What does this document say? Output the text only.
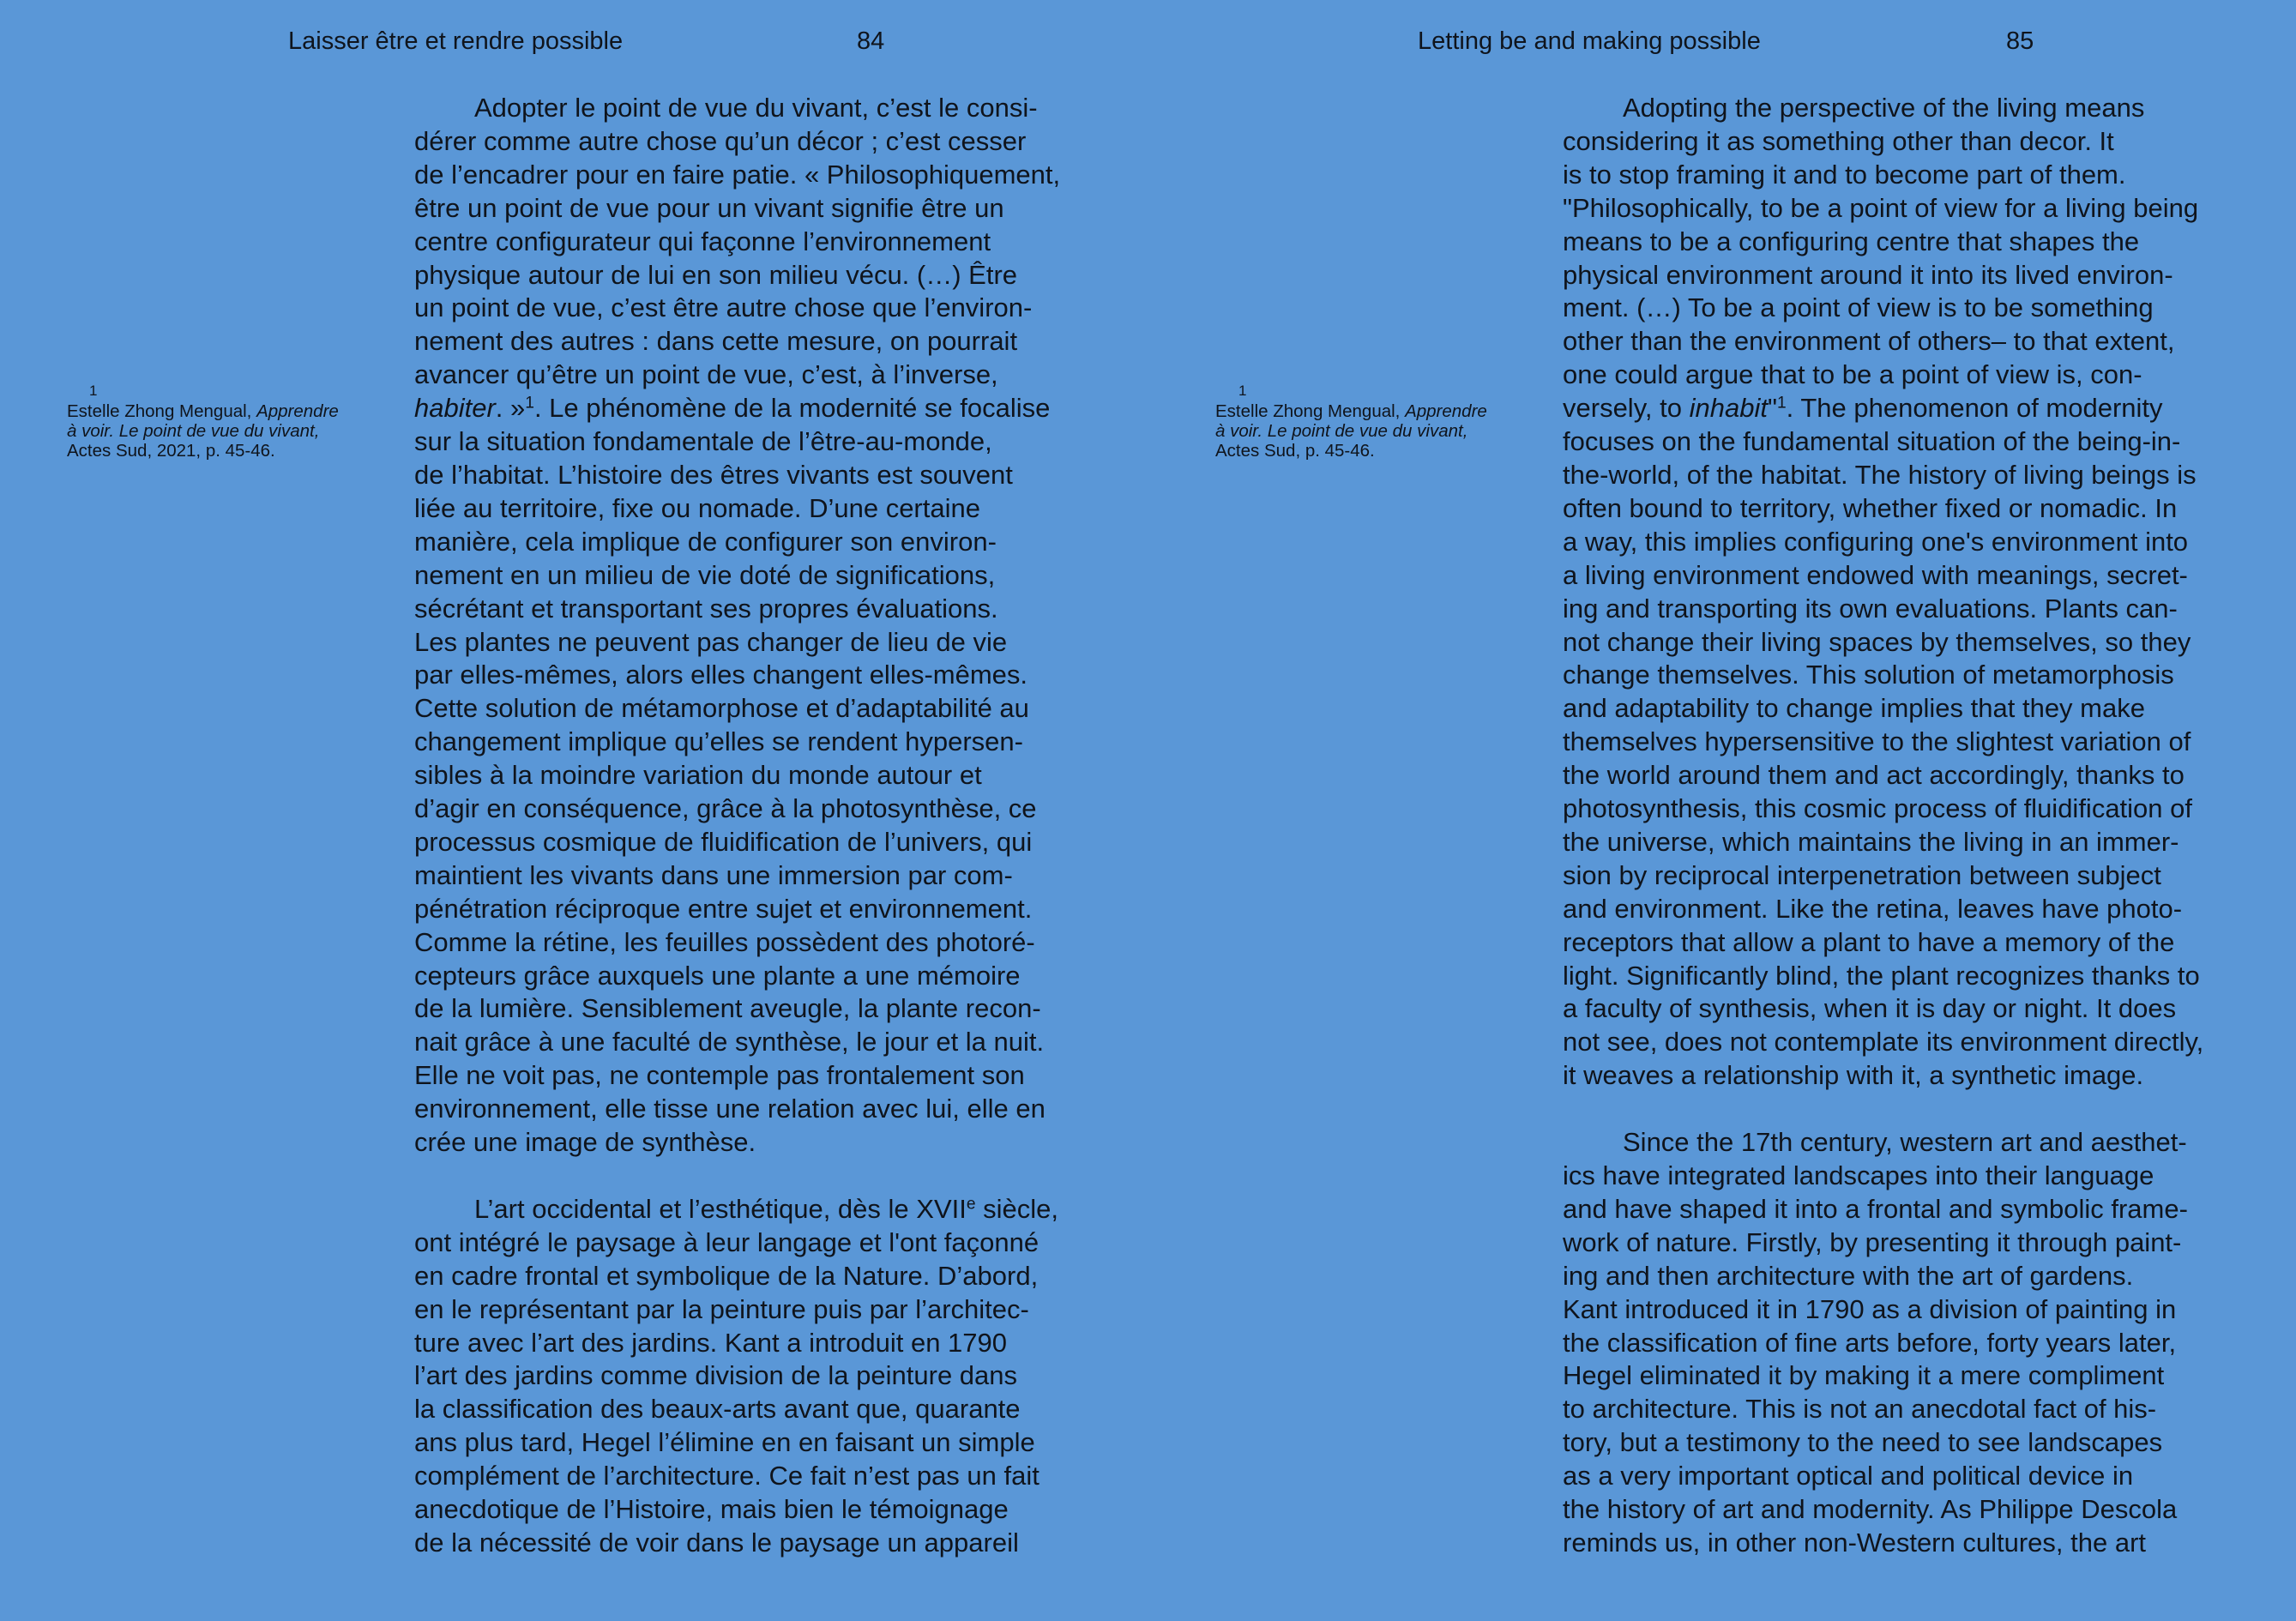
Laisser être et rendre possible	84
1
Estelle Zhong Mengual, Apprendre
à voir. Le point de vue du vivant,
Actes Sud, 2021, p. 45-46.
Adopter le point de vue du vivant, c’est le consi-
dérer comme autre chose qu’un décor ; c’est cesser
de l’encadrer pour en faire patie. « Philosophiquement,
être un point de vue pour un vivant signifie être un
centre configurateur qui façonne l’environnement
physique autour de lui en son milieu vécu. (…) Être
un point de vue, c’est être autre chose que l’environ-
nement des autres : dans cette mesure, on pourrait
avancer qu’être un point de vue, c’est, à l’inverse,
habiter. »$^1$. Le phénomène de la modernité se focalise
sur la situation fondamentale de l’être-au-monde,
de l’habitat. L’histoire des êtres vivants est souvent
liée au territoire, fixe ou nomade. D’une certaine
manière, cela implique de configurer son environ-
nement en un milieu de vie doté de significations,
sécrétant et transportant ses propres évaluations.
Les plantes ne peuvent pas changer de lieu de vie
par elles-mêmes, alors elles changent elles-mêmes.
Cette solution de métamorphose et d’adaptabilité au
changement implique qu’elles se rendent hypersen-
sibles à la moindre variation du monde autour et
d’agir en conséquence, grâce à la photosynthèse, ce
processus cosmique de fluidification de l’univers, qui
maintient les vivants dans une immersion par com-
pénétration réciproque entre sujet et environnement.
Comme la rétine, les feuilles possèdent des photoré-
cepteurs grâce auxquels une plante a une mémoire
de la lumière. Sensiblement aveugle, la plante recon-
nait grâce à une faculté de synthèse, le jour et la nuit.
Elle ne voit pas, ne contemple pas frontalement son
environnement, elle tisse une relation avec lui, elle en
crée une image de synthèse.
L’art occidental et l’esthétique, dès le XVIIe siècle,
ont intégré le paysage à leur langage et l'ont façonné
en cadre frontal et symbolique de la Nature. D’abord,
en le représentant par la peinture puis par l’architec-
ture avec l’art des jardins. Kant a introduit en 1790
l’art des jardins comme division de la peinture dans
la classification des beaux-arts avant que, quarante
ans plus tard, Hegel l’élimine en en faisant un simple
complément de l’architecture. Ce fait n’est pas un fait
anecdotique de l’Histoire, mais bien le témoignage
de la nécessité de voir dans le paysage un appareil
Letting be and making possible	85
1
Estelle Zhong Mengual, Apprendre
à voir. Le point de vue du vivant,
Actes Sud, p. 45-46.
Adopting the perspective of the living means
considering it as something other than decor. It
is to stop framing it and to become part of them.
"Philosophically, to be a point of view for a living being
means to be a configuring centre that shapes the
physical environment around it into its lived environ-
ment. (…) To be a point of view is to be something
other than the environment of others– to that extent,
one could argue that to be a point of view is, con-
versely, to inhabit"$^1$. The phenomenon of modernity
focuses on the fundamental situation of the being-in-
the-world, of the habitat. The history of living beings is
often bound to territory, whether fixed or nomadic. In
a way, this implies configuring one's environment into
a living environment endowed with meanings, secret-
ing and transporting its own evaluations. Plants can-
not change their living spaces by themselves, so they
change themselves. This solution of metamorphosis
and adaptability to change implies that they make
themselves hypersensitive to the slightest variation of
the world around them and act accordingly, thanks to
photosynthesis, this cosmic process of fluidification of
the universe, which maintains the living in an immer-
sion by reciprocal interpenetration between subject
and environment. Like the retina, leaves have photo-
receptors that allow a plant to have a memory of the
light. Significantly blind, the plant recognizes thanks to
a faculty of synthesis, when it is day or night. It does
not see, does not contemplate its environment directly,
it weaves a relationship with it, a synthetic image.
Since the 17th century, western art and aesthet-
ics have integrated landscapes into their language
and have shaped it into a frontal and symbolic frame-
work of nature. Firstly, by presenting it through paint-
ing and then architecture with the art of gardens.
Kant introduced it in 1790 as a division of painting in
the classification of fine arts before, forty years later,
Hegel eliminated it by making it a mere compliment
to architecture. This is not an anecdotal fact of his-
tory, but a testimony to the need to see landscapes
as a very important optical and political device in
the history of art and modernity. As Philippe Descola
reminds us, in other non-Western cultures, the art
